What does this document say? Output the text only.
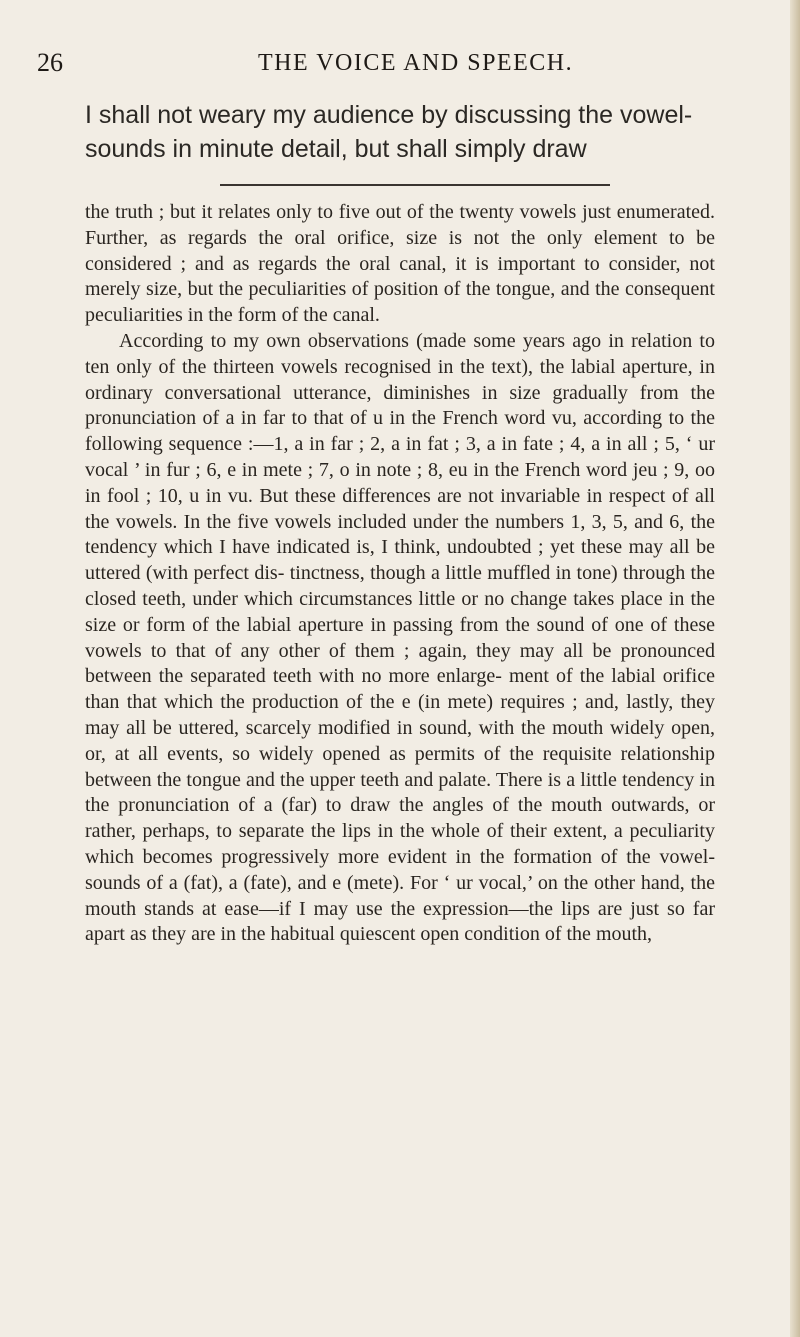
26	THE VOICE AND SPEECH.
I shall not weary my audience by discussing the vowel-sounds in minute detail, but shall simply draw

the truth ; but it relates only to five out of the twenty vowels just enumerated. Further, as regards the oral orifice, size is not the only element to be considered ; and as regards the oral canal, it is important to consider, not merely size, but the peculiarities of position of the tongue, and the consequent peculiarities in the form of the canal.

According to my own observations (made some years ago in relation to ten only of the thirteen vowels recognised in the text), the labial aperture, in ordinary conversational utterance, diminishes in size gradually from the pronunciation of a in far to that of u in the French word vu, according to the following sequence :—1, a in far ; 2, a in fat ; 3, a in fate ; 4, a in all ; 5, ‘ ur vocal ’ in fur ; 6, e in mete ; 7, o in note ; 8, eu in the French word jeu ; 9, oo in fool ; 10, u in vu. But these differences are not invariable in respect of all the vowels. In the five vowels included under the numbers 1, 3, 5, and 6, the tendency which I have indicated is, I think, undoubted ; yet these may all be uttered (with perfect dis- tinctness, though a little muffled in tone) through the closed teeth, under which circumstances little or no change takes place in the size or form of the labial aperture in passing from the sound of one of these vowels to that of any other of them ; again, they may all be pronounced between the separated teeth with no more enlarge- ment of the labial orifice than that which the production of the e (in mete) requires ; and, lastly, they may all be uttered, scarcely modified in sound, with the mouth widely open, or, at all events, so widely opened as permits of the requisite relationship between the tongue and the upper teeth and palate. There is a little tendency in the pronunciation of a (far) to draw the angles of the mouth outwards, or rather, perhaps, to separate the lips in the whole of their extent, a peculiarity which becomes progressively more evident in the formation of the vowel-sounds of a (fat), a (fate), and e (mete). For ‘ ur vocal,’ on the other hand, the mouth stands at ease—if I may use the expression—the lips are just so far apart as they are in the habitual quiescent open condition of the mouth,
